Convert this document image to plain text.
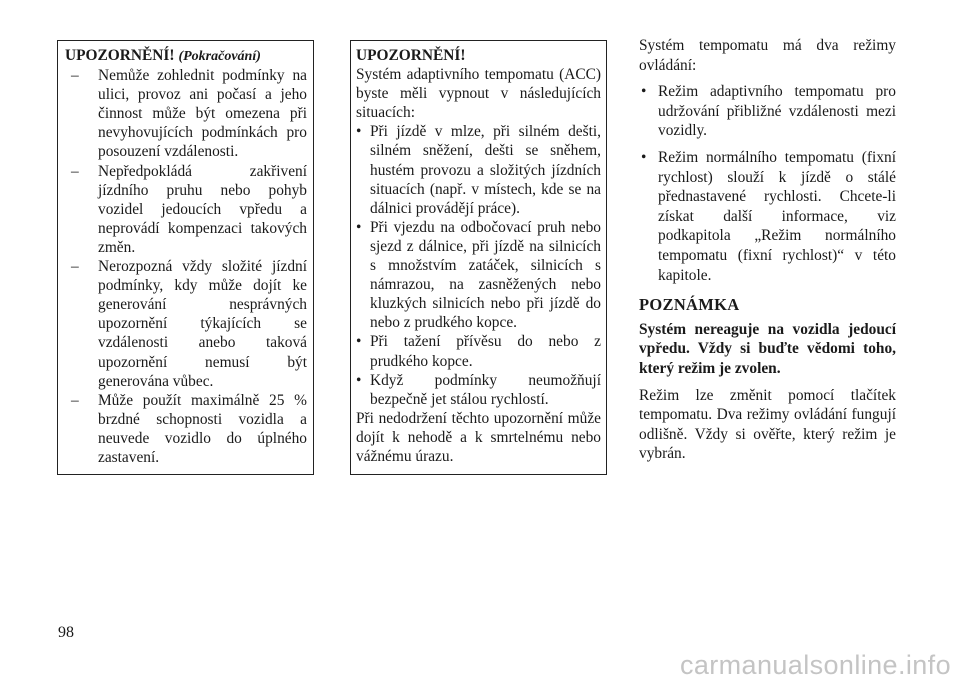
UPOZORNĚNÍ! (Pokračování)
– Nemůže zohlednit podmínky na ulici, provoz ani počasí a jeho činnost může být omezena při nevyhovujících podmínkách pro posouzení vzdálenosti.
– Nepředpokládá zakřivení jízdního pruhu nebo pohyb vozidel jedoucích vpředu a neprovádí kompenzaci takových změn.
– Nerozpozná vždy složité jízdní podmínky, kdy může dojít ke generování nesprávných upozornění týkajících se vzdálenosti anebo taková upozornění nemusí být generována vůbec.
– Může použít maximálně 25 % brzdné schopnosti vozidla a neuvede vozidlo do úplného zastavení.
UPOZORNĚNÍ!
Systém adaptivního tempomatu (ACC) byste měli vypnout v následujících situacích:
• Při jízdě v mlze, při silném dešti, silném sněžení, dešti se sněhem, hustém provozu a složitých jízdních situacích (např. v místech, kde se na dálnici provádějí práce).
• Při vjezdu na odbočovací pruh nebo sjezd z dálnice, při jízdě na silnicích s množstvím zatáček, silnicích s námrazou, na zasněžených nebo kluzkých silnicích nebo při jízdě do nebo z prudkého kopce.
• Při tažení přívěsu do nebo z prudkého kopce.
• Když podmínky neumožňují bezpečně jet stálou rychlostí.
Při nedodržení těchto upozornění může dojít k nehodě a k smrtelnému nebo vážnému úrazu.

Systém tempomatu má dva režimy ovládání:

• Režim adaptivního tempomatu pro udržování přibližné vzdálenosti mezi vozidly.
• Režim normálního tempomatu (fixní rychlost) slouží k jízdě o stálé přednastavené rychlosti. Chcete-li získat další informace, viz podkapitola „Režim normálního tempomatu (fixní rychlost)“ v této kapitole.
POZNÁMKA

Systém nereaguje na vozidla jedoucí vpředu. Vždy si buďte vědomi toho, který režim je zvolen.

Režim lze změnit pomocí tlačítek tempomatu. Dva režimy ovládání fungují odlišně. Vždy si ověřte, který režim je vybrán.

98
carmanualsonline.info
